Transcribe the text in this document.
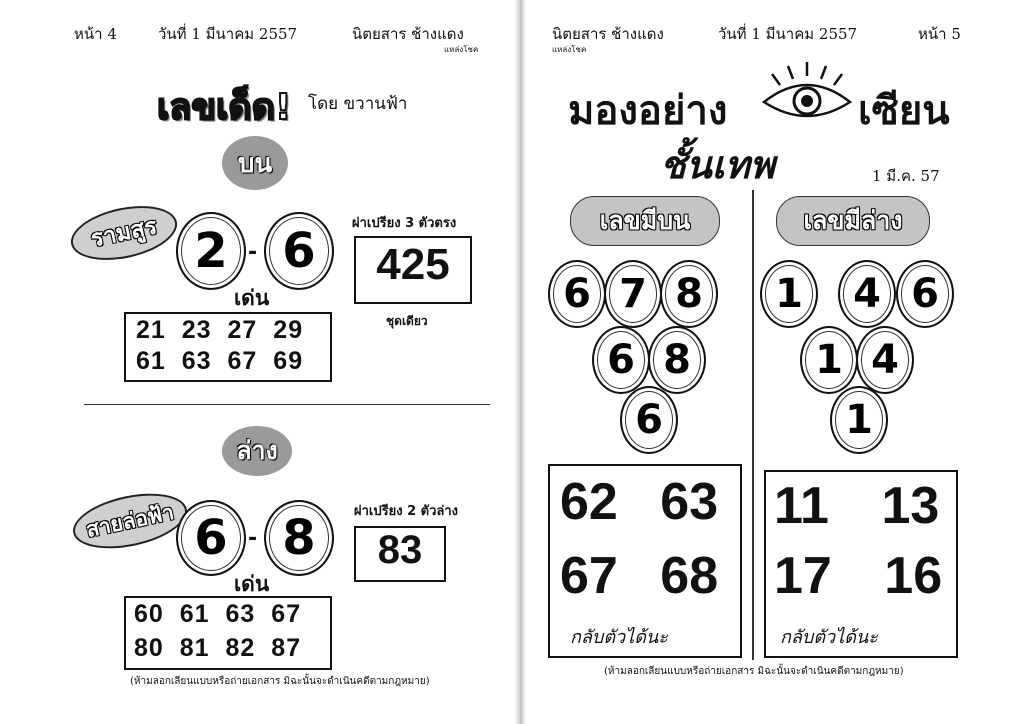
หน้า 4	วันที่ 1 มีนาคม 2557	นิตยสาร ช้างแดง
แหล่งโชค
เลขเด็ด! โดย ขวานฟ้า
บน
รามสูร 2 - 6
เด่น
21 23 27 29
61 63 67 69
ผ่าเปรียง 3 ตัวตรง
425
ชุดเดียว
ล่าง
สายล่อฟ้า 6 - 8
เด่น
60 61 63 67
80 81 82 87
ผ่าเปรียง 2 ตัวล่าง
83
(ห้ามลอกเลียนแบบหรือถ่ายเอกสาร มิฉะนั้นจะดำเนินคดีตามกฎหมาย)
นิตยสาร ช้างแดง
แหล่งโชค
วันที่ 1 มีนาคม 2557	หน้า 5
มองอย่าง	เซียน
ชั้นเทพ	1 มี.ค. 57
เลขมีบน
6 7 8
6 8
6
62 63
67 68
กลับตัวได้นะ
เลขมีล่าง
1	4 6
1 4
1
11 13
17 16
กลับตัวได้นะ
(ห้ามลอกเลียนแบบหรือถ่ายเอกสาร มิฉะนั้นจะดำเนินคดีตามกฎหมาย)
